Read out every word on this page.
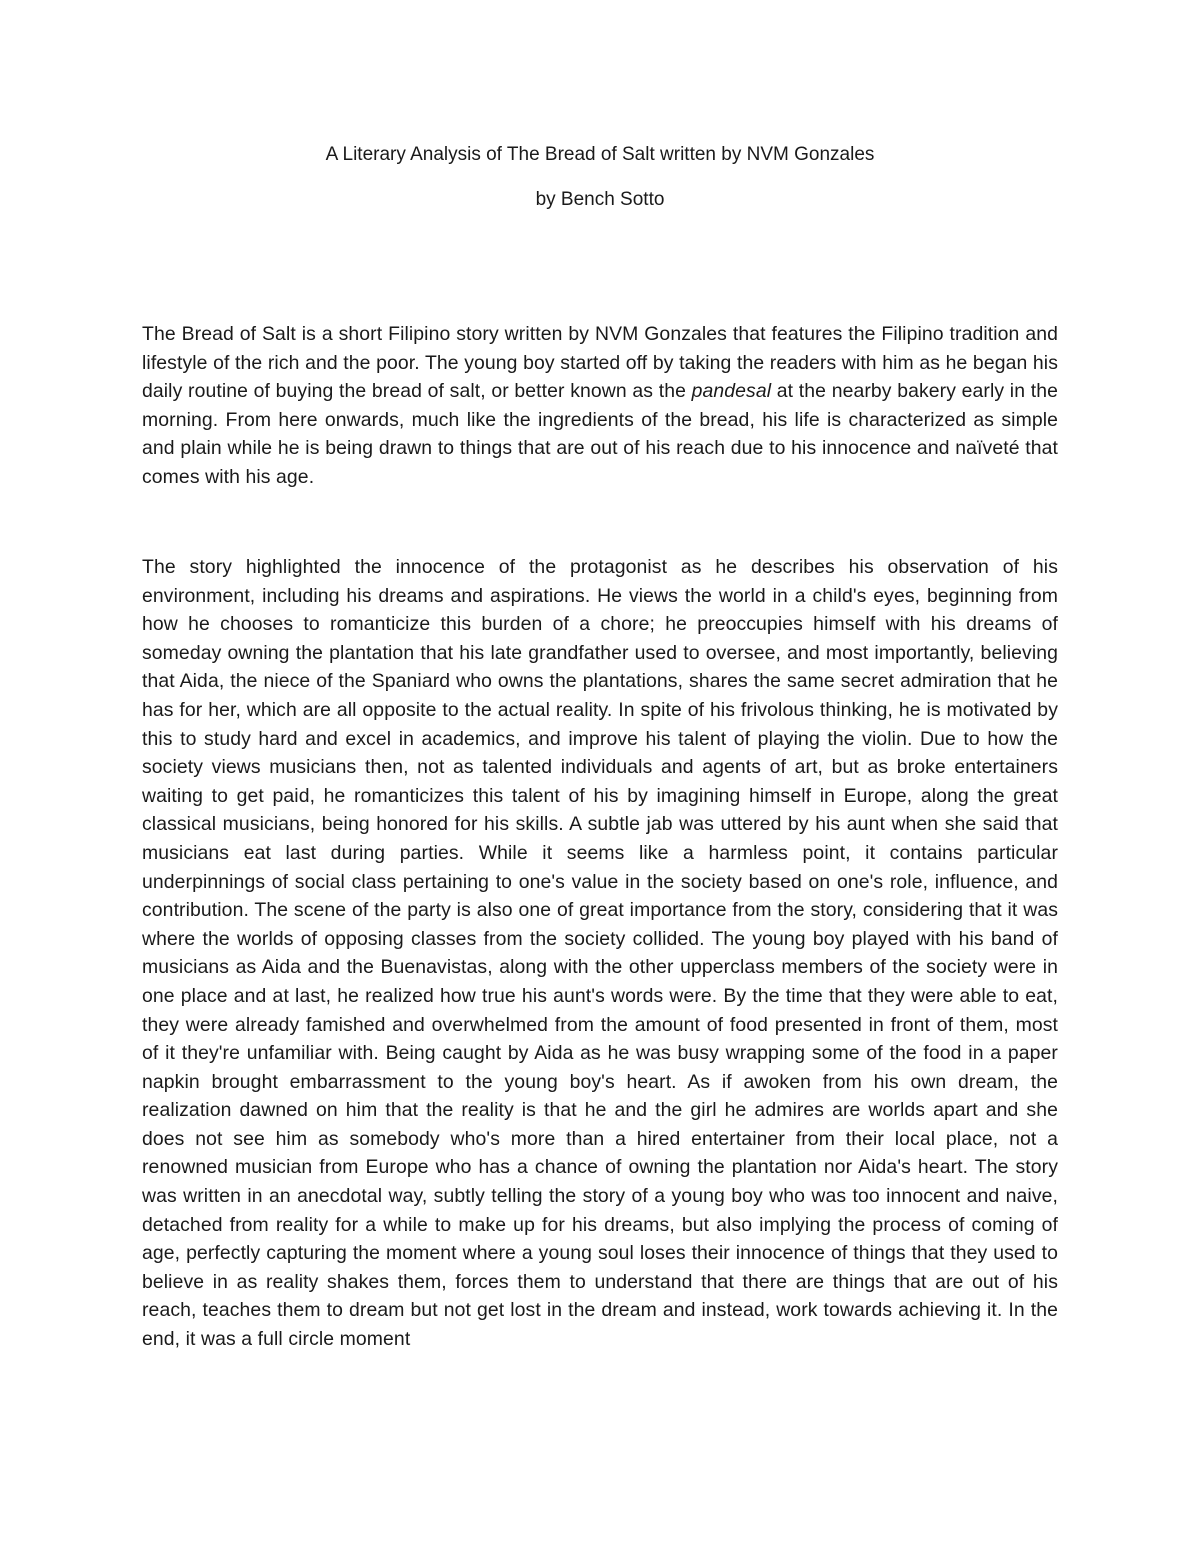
A Literary Analysis of The Bread of Salt written by NVM Gonzales
by Bench Sotto

The Bread of Salt is a short Filipino story written by NVM Gonzales that features the Filipino tradition and lifestyle of the rich and the poor. The young boy started off by taking the readers with him as he began his daily routine of buying the bread of salt, or better known as the pandesal at the nearby bakery early in the morning. From here onwards, much like the ingredients of the bread, his life is characterized as simple and plain while he is being drawn to things that are out of his reach due to his innocence and naïveté that comes with his age.

The story highlighted the innocence of the protagonist as he describes his observation of his environment, including his dreams and aspirations. He views the world in a child's eyes, beginning from how he chooses to romanticize this burden of a chore; he preoccupies himself with his dreams of someday owning the plantation that his late grandfather used to oversee, and most importantly, believing that Aida, the niece of the Spaniard who owns the plantations, shares the same secret admiration that he has for her, which are all opposite to the actual reality. In spite of his frivolous thinking, he is motivated by this to study hard and excel in academics, and improve his talent of playing the violin. Due to how the society views musicians then, not as talented individuals and agents of art, but as broke entertainers waiting to get paid, he romanticizes this talent of his by imagining himself in Europe, along the great classical musicians, being honored for his skills. A subtle jab was uttered by his aunt when she said that musicians eat last during parties. While it seems like a harmless point, it contains particular underpinnings of social class pertaining to one's value in the society based on one's role, influence, and contribution. The scene of the party is also one of great importance from the story, considering that it was where the worlds of opposing classes from the society collided. The young boy played with his band of musicians as Aida and the Buenavistas, along with the other upperclass members of the society were in one place and at last, he realized how true his aunt's words were. By the time that they were able to eat, they were already famished and overwhelmed from the amount of food presented in front of them, most of it they're unfamiliar with. Being caught by Aida as he was busy wrapping some of the food in a paper napkin brought embarrassment to the young boy's heart. As if awoken from his own dream, the realization dawned on him that the reality is that he and the girl he admires are worlds apart and she does not see him as somebody who's more than a hired entertainer from their local place, not a renowned musician from Europe who has a chance of owning the plantation nor Aida's heart. The story was written in an anecdotal way, subtly telling the story of a young boy who was too innocent and naive, detached from reality for a while to make up for his dreams, but also implying the process of coming of age, perfectly capturing the moment where a young soul loses their innocence of things that they used to believe in as reality shakes them, forces them to understand that there are things that are out of his reach, teaches them to dream but not get lost in the dream and instead, work towards achieving it. In the end, it was a full circle moment
